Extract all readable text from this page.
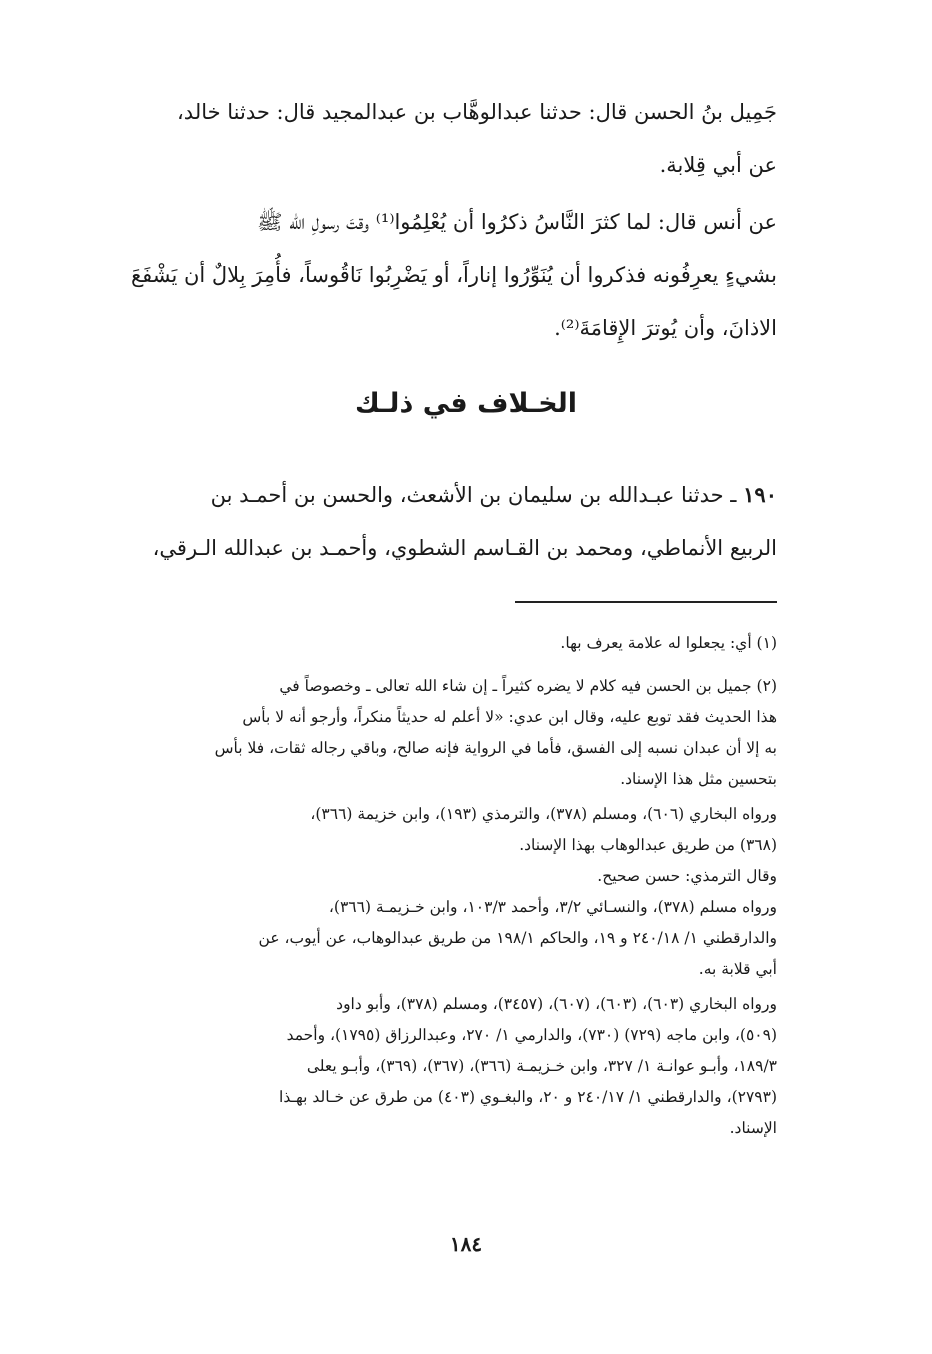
جَمِيل بنُ الحسن قال: حدثنا عبدالوهَّاب بن عبدالمجيد قال: حدثنا خالد،
عن أبي قِلابة.
عن أنس قال: لما كثرَ النَّاسُ ذكرُوا أن يُعْلِمُوا⁽¹⁾ وقتَ رسولِ الله ﷺ
بشيءٍ يعرِفُونه فذكروا أن يُنَوِّرُوا إناراً، أو يَضْرِبُوا نَاقُوساً، فأُمِرَ بِلالٌ أن يَشْفَعَ
الاذانَ، وأن يُوترَ الإِقامَةَ⁽²⁾.
الخـلاف في ذلـك
١٩٠ ـ حدثنا عبـدالله بن سليمان بن الأشعث، والحسن بن أحمـد بن
الربيع الأنماطي، ومحمد بن القـاسم الشطوي، وأحمـد بن عبدالله الـرقي،
(١) أي: يجعلوا له علامة يعرف بها.
(٢) جميل بن الحسن فيه كلام لا يضره كثيراً ـ إن شاء الله تعالى ـ وخصوصاً في
هذا الحديث فقد توبع عليه، وقال ابن عدي: «لا أعلم له حديثاً منكراً، وأرجو أنه لا بأس
به إلا أن عبدان نسبه إلى الفسق، فأما في الرواية فإنه صالح، وباقي رجاله ثقات، فلا بأس
بتحسين مثل هذا الإسناد.
ورواه البخاري (٦٠٦)، ومسلم (٣٧٨)، والترمذي (١٩٣)، وابن خزيمة (٣٦٦)،
(٣٦٨) من طريق عبدالوهاب بهذا الإسناد.
وقال الترمذي: حسن صحيح.
ورواه مسلم (٣٧٨)، والنسـائي ٣/٢، وأحمد ١٠٣/٣، وابن خـزيمـة (٣٦٦)،
والدارقطني ١/ ٢٤٠/١٨ و ١٩، والحاكم ١٩٨/١ من طريق عبدالوهاب، عن أيوب، عن
أبي قلابة به.
ورواه البخاري (٦٠٣)، (٦٠٣)، (٦٠٧)، (٣٤٥٧)، ومسلم (٣٧٨)، وأبو داود
(٥٠٩)، وابن ماجه (٧٢٩) (٧٣٠)، والدارمي ١/ ٢٧٠، وعبدالرزاق (١٧٩٥)، وأحمد
١٨٩/٣، وأبـو عوانـة ١/ ٣٢٧، وابن خـزيمـة (٣٦٦)، (٣٦٧)، (٣٦٩)، وأبـو يعلى
(٢٧٩٣)، والدارقطني ١/ ٢٤٠/١٧ و ٢٠، والبغـوي (٤٠٣) من طرق عن خـالد بهـذا
الإسناد.
١٨٤
